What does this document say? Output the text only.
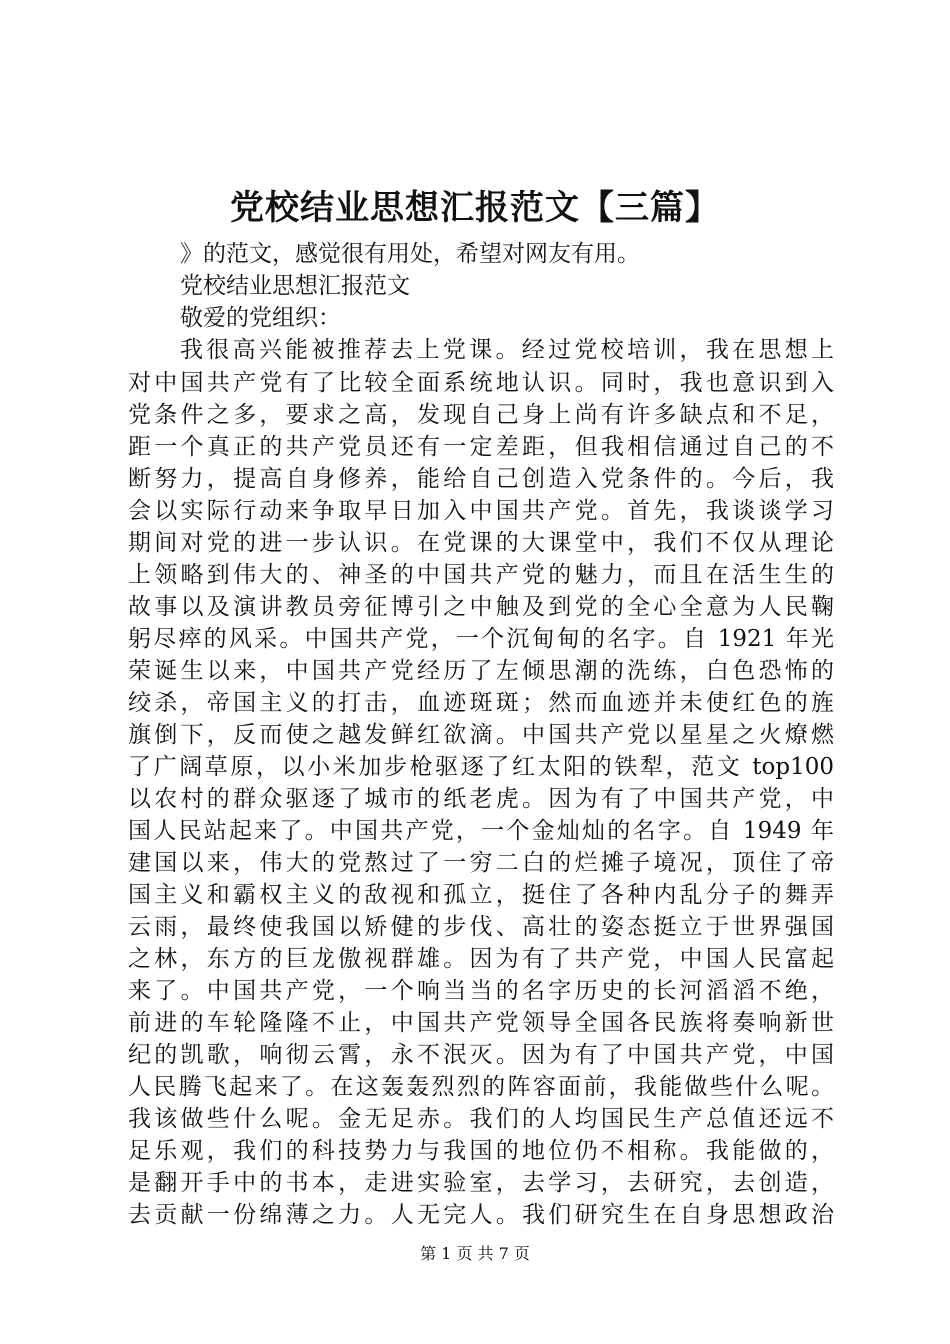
党校结业思想汇报范文【三篇】
》的范文，感觉很有用处，希望对网友有用。
党校结业思想汇报范文
敬爱的党组织：
我很高兴能被推荐去上党课。经过党校培训，我在思想上
对中国共产党有了比较全面系统地认识。同时，我也意识到入
党条件之多，要求之高，发现自己身上尚有许多缺点和不足，
距一个真正的共产党员还有一定差距，但我相信通过自己的不
断努力，提高自身修养，能给自己创造入党条件的。今后，我
会以实际行动来争取早日加入中国共产党。首先，我谈谈学习
期间对党的进一步认识。在党课的大课堂中，我们不仅从理论
上领略到伟大的、神圣的中国共产党的魅力，而且在活生生的
故事以及演讲教员旁征博引之中触及到党的全心全意为人民鞠
躬尽瘁的风采。中国共产党，一个沉甸甸的名字。自 1921 年光
荣诞生以来，中国共产党经历了左倾思潮的洗练，白色恐怖的
绞杀，帝国主义的打击，血迹斑斑；然而血迹并未使红色的旌
旗倒下，反而使之越发鲜红欲滴。中国共产党以星星之火燎燃
了广阔草原，以小米加步枪驱逐了红太阳的铁犁，范文 top100
以农村的群众驱逐了城市的纸老虎。因为有了中国共产党，中
国人民站起来了。中国共产党，一个金灿灿的名字。自 1949 年
建国以来，伟大的党熬过了一穷二白的烂摊子境况，顶住了帝
国主义和霸权主义的敌视和孤立，挺住了各种内乱分子的舞弄
云雨，最终使我国以矫健的步伐、高壮的姿态挺立于世界强国
之林，东方的巨龙傲视群雄。因为有了共产党，中国人民富起
来了。中国共产党，一个响当当的名字历史的长河滔滔不绝，
前进的车轮隆隆不止，中国共产党领导全国各民族将奏响新世
纪的凯歌，响彻云霄，永不泯灭。因为有了中国共产党，中国
人民腾飞起来了。在这轰轰烈烈的阵容面前，我能做些什么呢。
我该做些什么呢。金无足赤。我们的人均国民生产总值还远不
足乐观，我们的科技势力与我国的地位仍不相称。我能做的，
是翻开手中的书本，走进实验室，去学习，去研究，去创造，
去贡献一份绵薄之力。人无完人。我们研究生在自身思想政治
第 1 页 共 7 页
